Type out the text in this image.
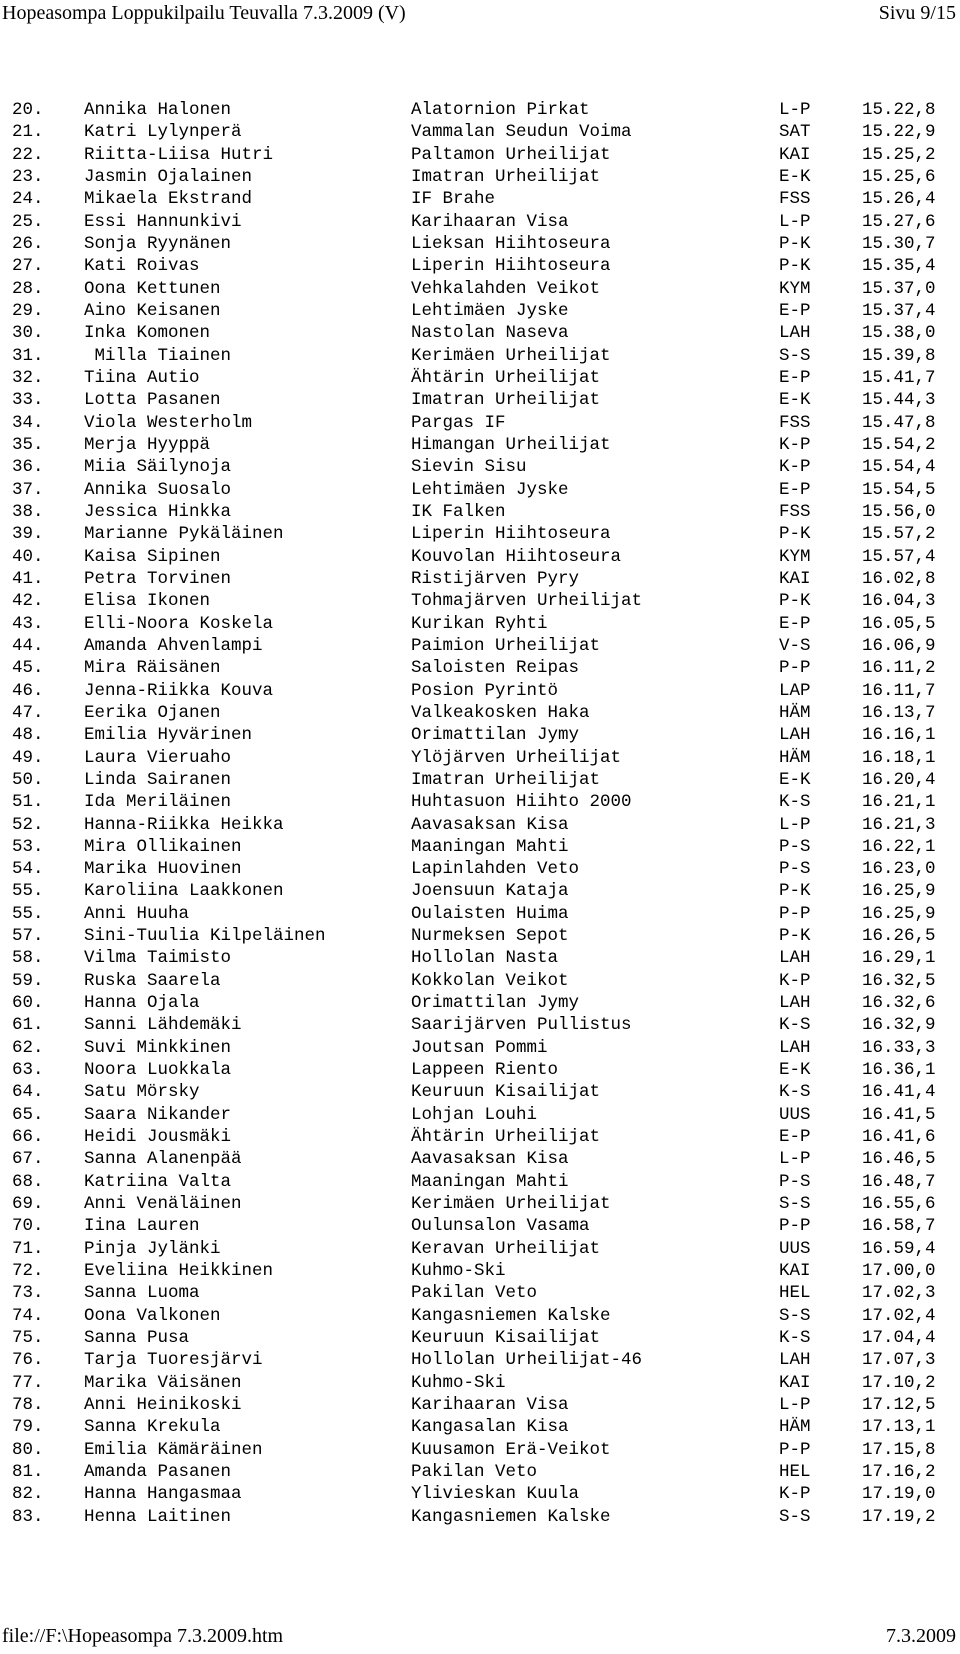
Hopeasompa Loppukilpailu Teuvalla 7.3.2009 (V)	Sivu 9/15
20. Annika Halonen	Alatornion Pirkat	L-P	15.22,8
21. Katri Lylynperä	Vammalan Seudun Voima	SAT	15.22,9
22. Riitta-Liisa Hutri	Paltamon Urheilijat	KAI	15.25,2
23. Jasmin Ojalainen	Imatran Urheilijat	E-K	15.25,6
24. Mikaela Ekstrand	IF Brahe	FSS	15.26,4
25. Essi Hannunkivi	Karihaaran Visa	L-P	15.27,6
26. Sonja Ryynänen	Lieksan Hiihtoseura	P-K	15.30,7
27. Kati Roivas	Liperin Hiihtoseura	P-K	15.35,4
28. Oona Kettunen	Vehkalahden Veikot	KYM	15.37,0
29. Aino Keisanen	Lehtimäen Jyske	E-P	15.37,4
30. Inka Komonen	Nastolan Naseva	LAH	15.38,0
31. Milla Tiainen	Kerimäen Urheilijat	S-S	15.39,8
32. Tiina Autio	Ähtärin Urheilijat	E-P	15.41,7
33. Lotta Pasanen	Imatran Urheilijat	E-K	15.44,3
34. Viola Westerholm	Pargas IF	FSS	15.47,8
35. Merja Hyyppä	Himangan Urheilijat	K-P	15.54,2
36. Miia Säilynoja	Sievin Sisu	K-P	15.54,4
37. Annika Suosalo	Lehtimäen Jyske	E-P	15.54,5
38. Jessica Hinkka	IK Falken	FSS	15.56,0
39. Marianne Pykäläinen	Liperin Hiihtoseura	P-K	15.57,2
40. Kaisa Sipinen	Kouvolan Hiihtoseura	KYM	15.57,4
41. Petra Torvinen	Ristijärven Pyry	KAI	16.02,8
42. Elisa Ikonen	Tohmajärven Urheilijat	P-K	16.04,3
43. Elli-Noora Koskela	Kurikan Ryhti	E-P	16.05,5
44. Amanda Ahvenlampi	Paimion Urheilijat	V-S	16.06,9
45. Mira Räisänen	Saloisten Reipas	P-P	16.11,2
46. Jenna-Riikka Kouva	Posion Pyrintö	LAP	16.11,7
47. Eerika Ojanen	Valkeakosken Haka	HÄM	16.13,7
48. Emilia Hyvärinen	Orimattilan Jymy	LAH	16.16,1
49. Laura Vieruaho	Ylöjärven Urheilijat	HÄM	16.18,1
50. Linda Sairanen	Imatran Urheilijat	E-K	16.20,4
51. Ida Meriläinen	Huhtasuon Hiihto 2000	K-S	16.21,1
52. Hanna-Riikka Heikka	Aavasaksan Kisa	L-P	16.21,3
53. Mira Ollikainen	Maaningan Mahti	P-S	16.22,1
54. Marika Huovinen	Lapinlahden Veto	P-S	16.23,0
55. Karoliina Laakkonen	Joensuun Kataja	P-K	16.25,9
55. Anni Huuha	Oulaisten Huima	P-P	16.25,9
57. Sini-Tuulia Kilpeläinen	Nurmeksen Sepot	P-K	16.26,5
58. Vilma Taimisto	Hollolan Nasta	LAH	16.29,1
59. Ruska Saarela	Kokkolan Veikot	K-P	16.32,5
60. Hanna Ojala	Orimattilan Jymy	LAH	16.32,6
61. Sanni Lähdemäki	Saarijärven Pullistus	K-S	16.32,9
62. Suvi Minkkinen	Joutsan Pommi	LAH	16.33,3
63. Noora Luokkala	Lappeen Riento	E-K	16.36,1
64. Satu Mörsky	Keuruun Kisailijat	K-S	16.41,4
65. Saara Nikander	Lohjan Louhi	UUS	16.41,5
66. Heidi Jousmäki	Ähtärin Urheilijat	E-P	16.41,6
67. Sanna Alanenpää	Aavasaksan Kisa	L-P	16.46,5
68. Katriina Valta	Maaningan Mahti	P-S	16.48,7
69. Anni Venäläinen	Kerimäen Urheilijat	S-S	16.55,6
70. Iina Lauren	Oulunsalon Vasama	P-P	16.58,7
71. Pinja Jylänki	Keravan Urheilijat	UUS	16.59,4
72. Eveliina Heikkinen	Kuhmo-Ski	KAI	17.00,0
73. Sanna Luoma	Pakilan Veto	HEL	17.02,3
74. Oona Valkonen	Kangasniemen Kalske	S-S	17.02,4
75. Sanna Pusa	Keuruun Kisailijat	K-S	17.04,4
76. Tarja Tuoresjärvi	Hollolan Urheilijat-46	LAH	17.07,3
77. Marika Väisänen	Kuhmo-Ski	KAI	17.10,2
78. Anni Heinikoski	Karihaaran Visa	L-P	17.12,5
79. Sanna Krekula	Kangasalan Kisa	HÄM	17.13,1
80. Emilia Kämäräinen	Kuusamon Erä-Veikot	P-P	17.15,8
81. Amanda Pasanen	Pakilan Veto	HEL	17.16,2
82. Hanna Hangasmaa	Ylivieskan Kuula	K-P	17.19,0
83. Henna Laitinen	Kangasniemen Kalske	S-S	17.19,2
file://F:\Hopeasompa 7.3.2009.htm	7.3.2009
